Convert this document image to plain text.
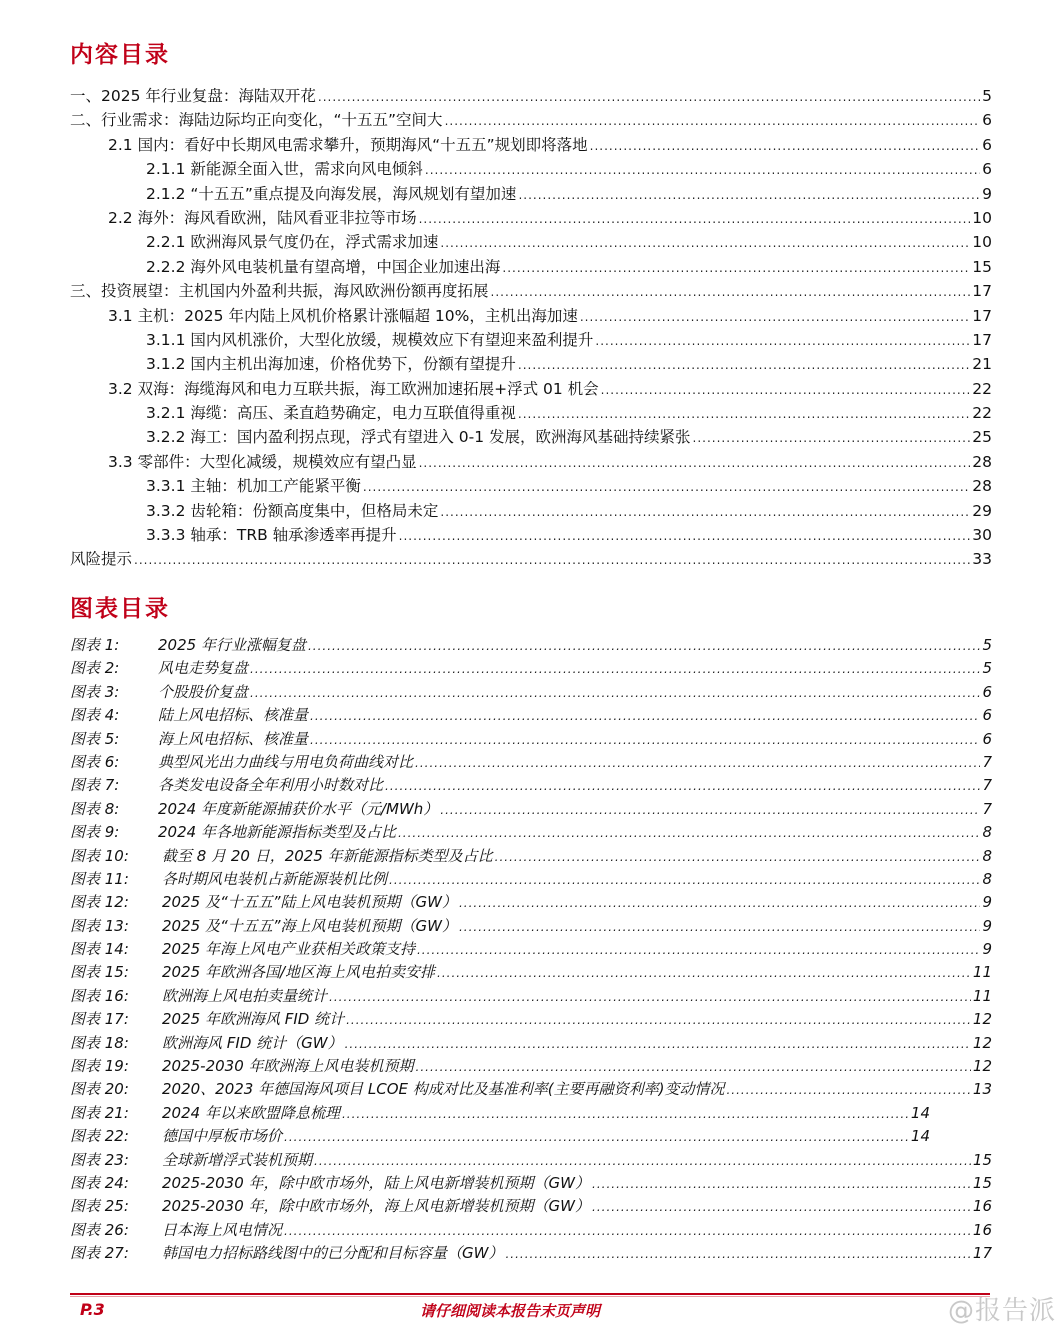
内容目录
一、2025 年行业复盘：海陆双开花 .....	5
二、行业需求：海陆边际均正向变化，“十五五”空间大 .....	6
2.1 国内：看好中长期风电需求攀升，预期海风“十五五”规划即将落地 .....	6
2.1.1 新能源全面入世，需求向风电倾斜 .....	6
2.1.2 “十五五”重点提及向海发展，海风规划有望加速 .....	9
2.2 海外：海风看欧洲，陆风看亚非拉等市场 .....	10
2.2.1 欧洲海风景气度仍在，浮式需求加速 .....	10
2.2.2 海外风电装机量有望高增，中国企业加速出海 .....	15
三、投资展望：主机国内外盈利共振，海风欧洲份额再度拓展 .....	17
3.1 主机：2025 年内陆上风机价格累计涨幅超 10%，主机出海加速 .....	17
3.1.1 国内风机涨价，大型化放缓，规模效应下有望迎来盈利提升 .....	17
3.1.2 国内主机出海加速，价格优势下，份额有望提升 .....	21
3.2 双海：海缆海风和电力互联共振，海工欧洲加速拓展+浮式 01 机会 .....	22
3.2.1 海缆：高压、柔直趋势确定，电力互联值得重视 .....	22
3.2.2 海工：国内盈利拐点现，浮式有望进入 0-1 发展，欧洲海风基础持续紧张 .....	25
3.3 零部件：大型化减缓，规模效应有望凸显 .....	28
3.3.1 主轴：机加工产能紧平衡 .....	28
3.3.2 齿轮箱：份额高度集中，但格局未定 .....	29
3.3.3 轴承：TRB 轴承渗透率再提升 .....	30
风险提示 .....	33
图表目录
图表 1:	2025 年行业涨幅复盘 .....	5
图表 2:	风电走势复盘 .....	5
图表 3:	个股股价复盘 .....	6
图表 4:	陆上风电招标、核准量 .....	6
图表 5:	海上风电招标、核准量 .....	6
图表 6:	典型风光出力曲线与用电负荷曲线对比 .....	7
图表 7:	各类发电设备全年利用小时数对比 .....	7
图表 8:	2024 年度新能源捕获价水平（元/MWh） .....	7
图表 9:	2024 年各地新能源指标类型及占比 .....	8
图表 10: 截至 8 月 20 日，2025 年新能源指标类型及占比 .....	8
图表 11: 各时期风电装机占新能源装机比例 .....	8
图表 12: 2025 及“十五五”陆上风电装机预期（GW） .....	9
图表 13: 2025 及“十五五”海上风电装机预期（GW） .....	9
图表 14: 2025 年海上风电产业获相关政策支持 .....	9
图表 15: 2025 年欧洲各国/地区海上风电拍卖安排 .....	11
图表 16: 欧洲海上风电拍卖量统计 .....	11
图表 17: 2025 年欧洲海风 FID 统计 .....	12
图表 18: 欧洲海风 FID 统计（GW） .....	12
图表 19: 2025-2030 年欧洲海上风电装机预期 .....	12
图表 20: 2020、2023 年德国海风项目 LCOE 构成对比及基准利率(主要再融资利率)变动情况 .....	13
图表 21: 2024 年以来欧盟降息梳理 .....	14
图表 22: 德国中厚板市场价 .....	14
图表 23: 全球新增浮式装机预期 .....	15
图表 24: 2025-2030 年，除中欧市场外，陆上风电新增装机预期（GW） .....	15
图表 25: 2025-2030 年，除中欧市场外，海上风电新增装机预期（GW） .....	16
图表 26: 日本海上风电情况 .....	16
图表 27: 韩国电力招标路线图中的已分配和目标容量（GW） .....	17
P.3	请仔细阅读本报告末页声明	@报告派
